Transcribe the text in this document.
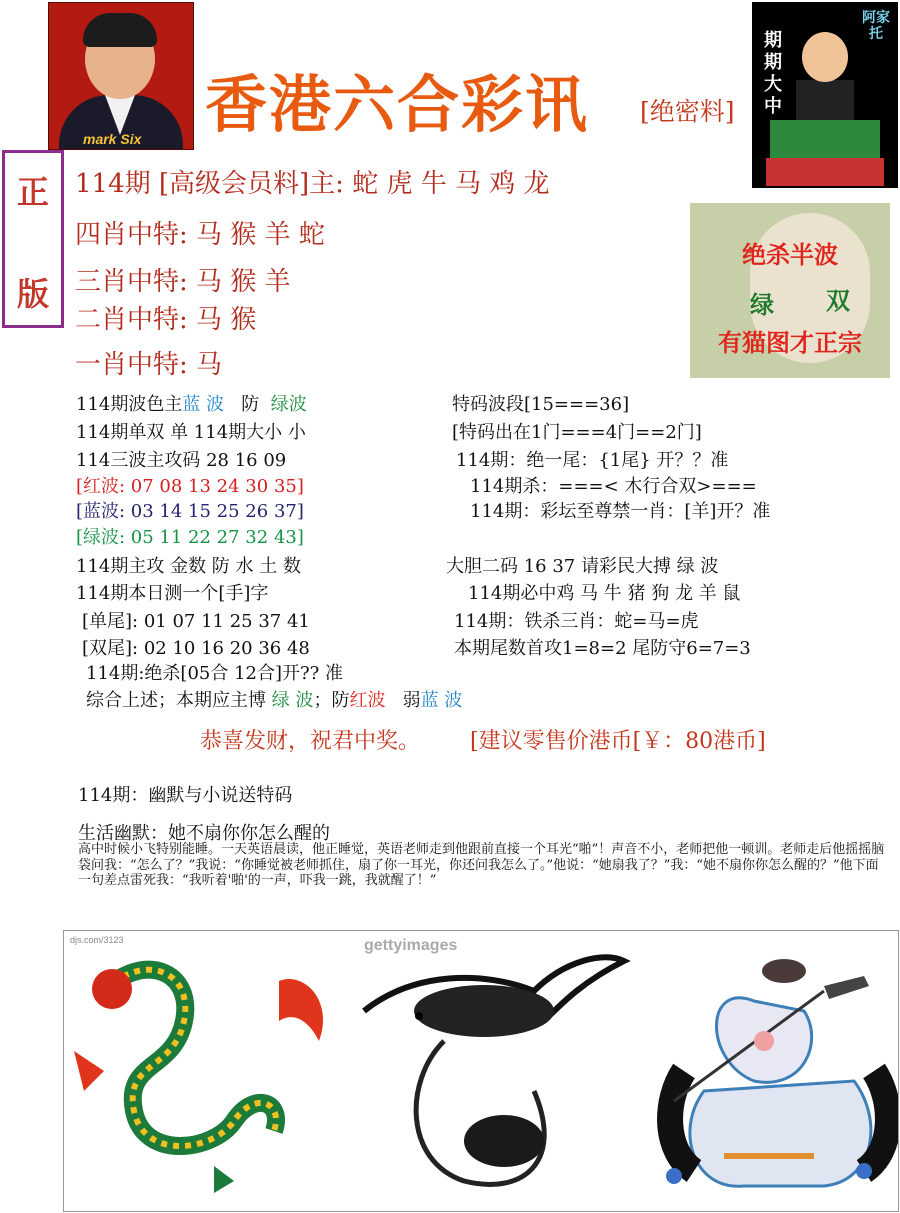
mark Six 香港六合彩讯 [绝密料]
期期大中
阿家托
正
版
114期 [高级会员料]主: 蛇 虎 牛 马 鸡 龙
四肖中特: 马 猴 羊 蛇
三肖中特: 马 猴 羊
二肖中特: 马 猴
一肖中特: 马
绝杀半波
绿 双
有猫图才正宗
114期波色主蓝 波   防  绿波
114期单双 单 114期大小 小
114三波主攻码 28 16 09
[红波: 07 08 13 24 30 35]
[蓝波: 03 14 15 25 26 37]
[绿波: 05 11 22 27 32 43]
114期主攻 金数 防 水 土 数
114期本日测一个[手]字
[单尾]: 01 07 11 25 37 41
[双尾]: 02 10 16 20 36 48
114期:绝杀[05合 12合]开?? 准
综合上述；本期应主博 绿 波；防红波   弱蓝 波
特码波段[15===36]
[特码出在1门===4门==2门]
114期：绝一尾：{1尾} 开？？准
114期杀：===< 木行合双>===
114期：彩坛至尊禁一肖：[羊]开？准
大胆二码 16 37 请彩民大搏 绿 波
114期必中鸡 马 牛 猪 狗 龙 羊 鼠
114期：铁杀三肖：蛇=马=虎
本期尾数首攻1=8=2 尾防守6=7=3
恭喜发财，祝君中奖。 [建议零售价港币[￥：80港币]
114期：幽默与小说送特码
生活幽默：她不扇你你怎么醒的
高中时候小飞特别能睡。一天英语晨读，他正睡觉，英语老师走到他跟前直接一个耳光“啪”！声音不小，老师把他一顿训。老师走后他摇摇脑袋问我：“怎么了？”我说：“你睡觉被老师抓住，扇了你一耳光，你还问我怎么了。”他说：“她扇我了？”我：“她不扇你你怎么醒的？”他下面一句差点雷死我：“我听着'啪'的一声，吓我一跳，我就醒了！”
djs.com/3123	gettyimages
